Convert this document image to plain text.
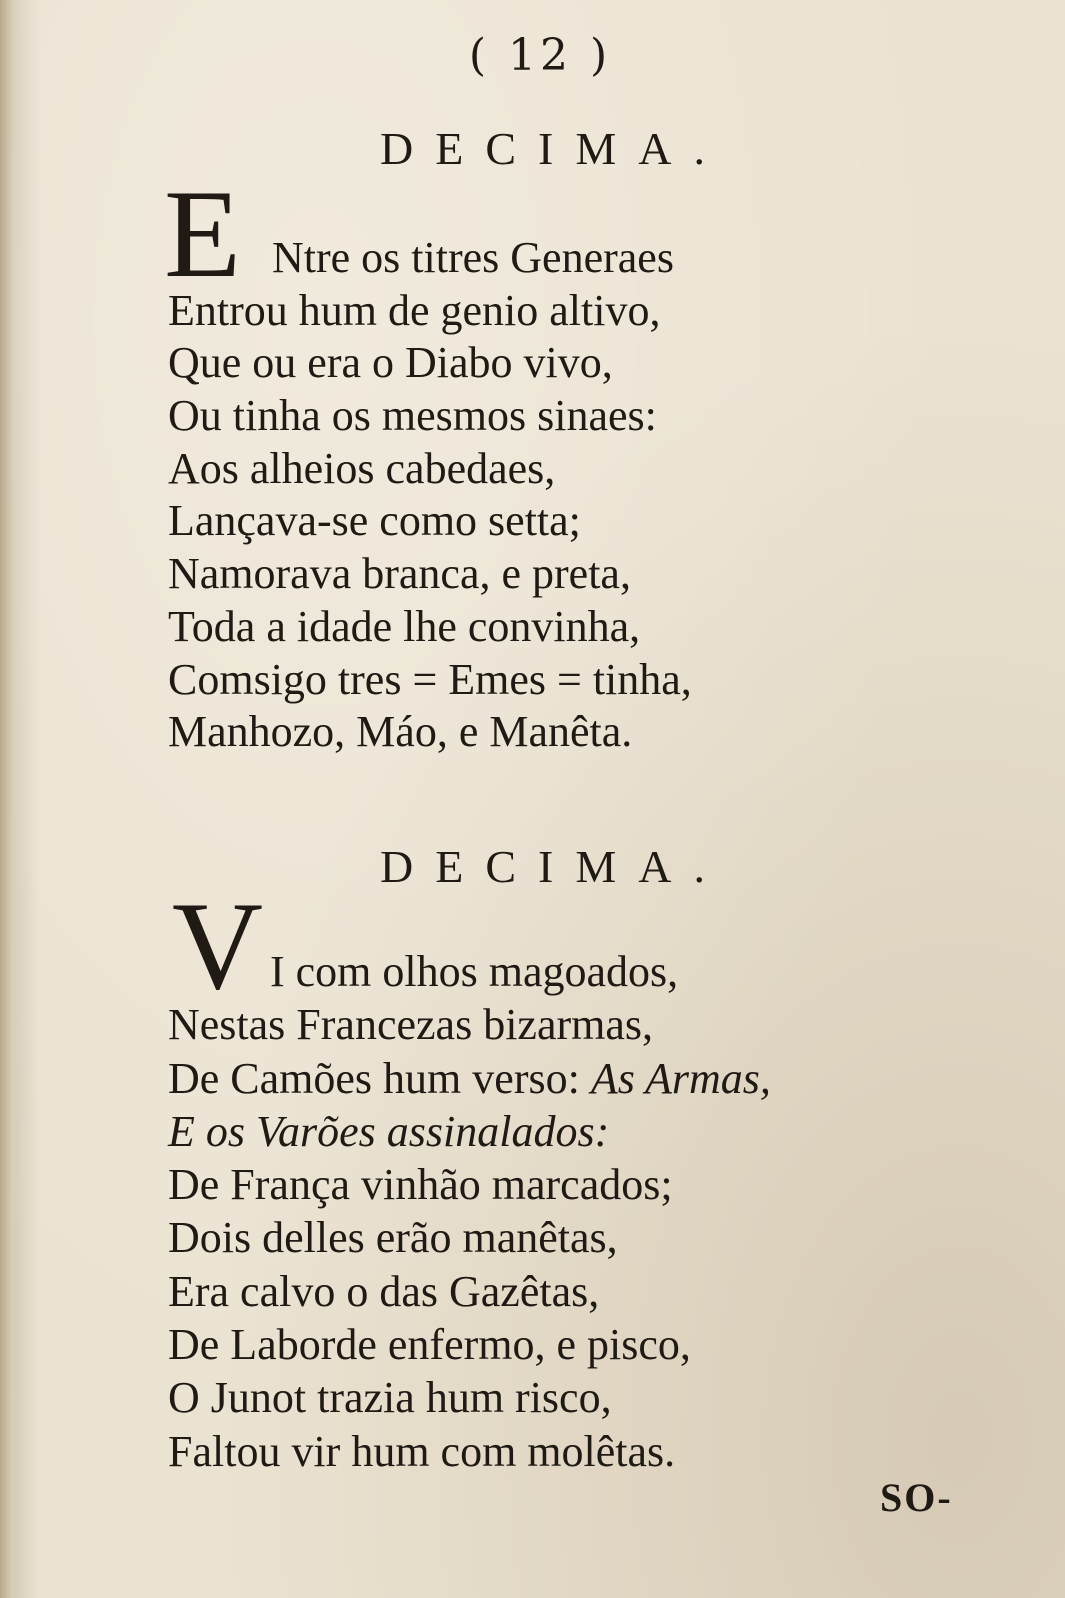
( 12 )
DECIMA.
E Ntre os titres Generaes
Entrou hum de genio altivo,
Que ou era o Diabo vivo,
Ou tinha os mesmos sinaes:
Aos alheios cabedaes,
Lançava-se como setta;
Namorava branca, e preta,
Toda a idade lhe convinha,
Comsigo tres = Emes = tinha,
Manhozo, Máo, e Manêta.
DECIMA.
V I com olhos magoados,
Nestas Francezas bizarmas,
De Camões hum verso: As Armas,
E os Varões assinalados:
De França vinhão marcados;
Dois delles erão manêtas,
Era calvo o das Gazêtas,
De Laborde enfermo, e pisco,
O Junot trazia hum risco,
Faltou vir hum com molêtas.
SO-
